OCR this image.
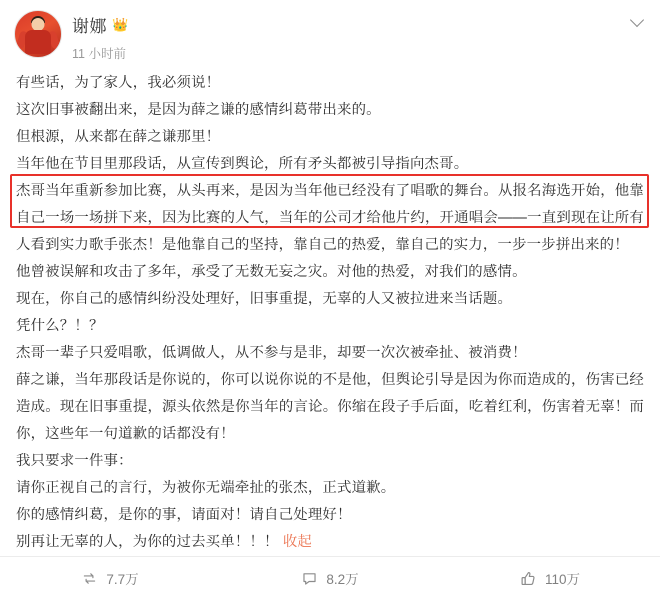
谢娜 👑
11 小时前

有些话，为了家人，我必须说！

这次旧事被翻出来，是因为薛之谦的感情纠葛带出来的。

但根源，从来都在薛之谦那里！

当年他在节目里那段话，从宣传到舆论，所有矛头都被引导指向杰哥。

杰哥当年重新参加比赛，从头再来，是因为当年他已经没有了唱歌的舞台。从报名海选开始，他靠自己一场一场拼下来，因为比赛的人气，当年的公司才给他片约，开通唱会——一直到现在让所有人看到实力歌手张杰！是他靠自己的坚持，靠自己的热爱，靠自己的实力，一步一步拼出来的！

他曾被误解和攻击了多年，承受了无数无妄之灾。对他的热爱，对我们的感情。

现在，你自己的感情纠纷没处理好，旧事重提，无辜的人又被拉进来当话题。

凭什么？！？

杰哥一辈子只爱唱歌，低调做人，从不参与是非，却要一次次被牵扯、被消费！

薛之谦，当年那段话是你说的，你可以说你说的不是他，但舆论引导是因为你而造成的，伤害已经造成。现在旧事重提，源头依然是你当年的言论。你缩在段子手后面，吃着红利，伤害着无辜！而你，这些年一句道歉的话都没有！

我只要求一件事：

请你正视自己的言行，为被你无端牵扯的张杰，正式道歉。

你的感情纠葛，是你的事，请面对！请自己处理好！

别再让无辜的人，为你的过去买单！！！ 收起

7.7万	8.2万	110万
